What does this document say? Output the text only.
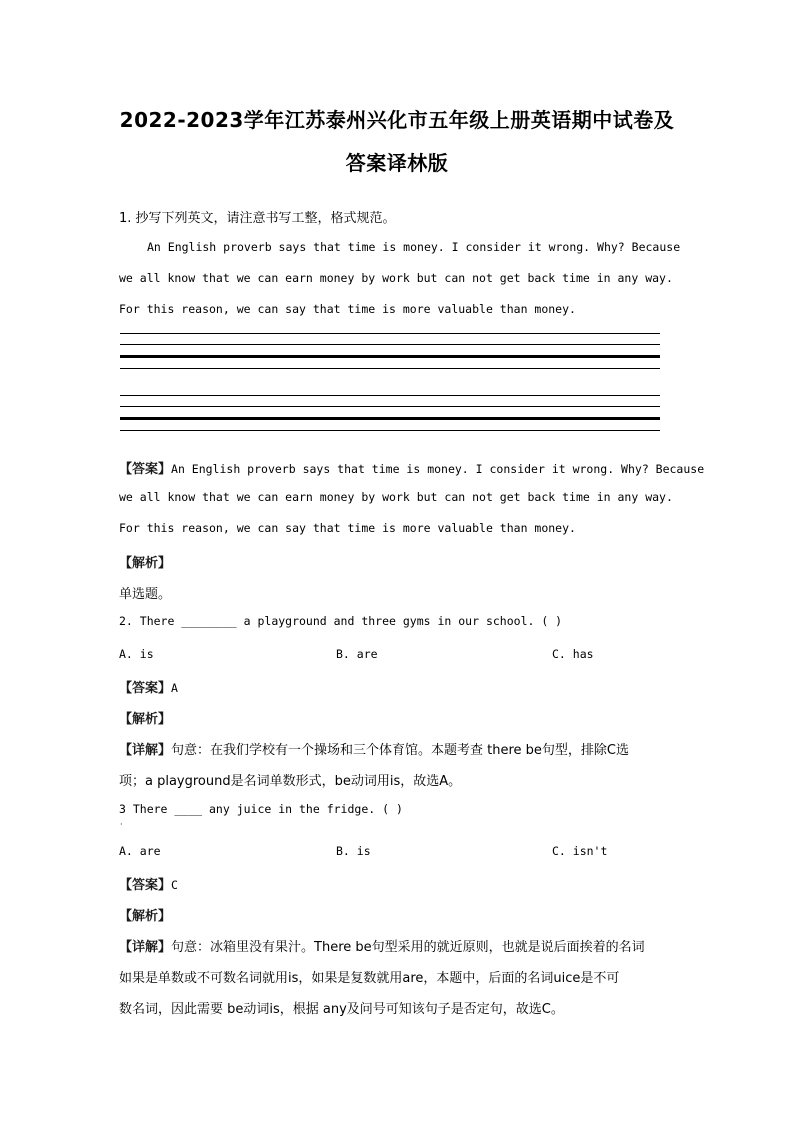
2022-2023学年江苏泰州兴化市五年级上册英语期中试卷及
答案译林版
1. 抄写下列英文，请注意书写工整，格式规范。
An English proverb says that time is money. I consider it wrong. Why? Because
we all know that we can earn money by work but can not get back time in any way.
For this reason, we can say that time is more valuable than money.
【答案】An English proverb says that time is money. I consider it wrong. Why? Because
we all know that we can earn money by work but can not get back time in any way.
For this reason, we can say that time is more valuable than money.
【解析】
单选题。
2. There ________ a playground and three gyms in our school. ( )
A. is	B. are	C. has
【答案】A
【解析】
【详解】句意：在我们学校有一个操场和三个体育馆。本题考查 there be句型，排除C选
项；a playground是名词单数形式，be动词用is，故选A。
3 There ____ any juice in the fridge. ( )
·
A. are	B. is	C. isn't
【答案】C
【解析】
【详解】句意：冰箱里没有果汁。There be句型采用的就近原则，也就是说后面挨着的名词
如果是单数或不可数名词就用is，如果是复数就用are，本题中，后面的名词uice是不可
数名词，因此需要 be动词is，根据 any及问号可知该句子是否定句，故选C。
